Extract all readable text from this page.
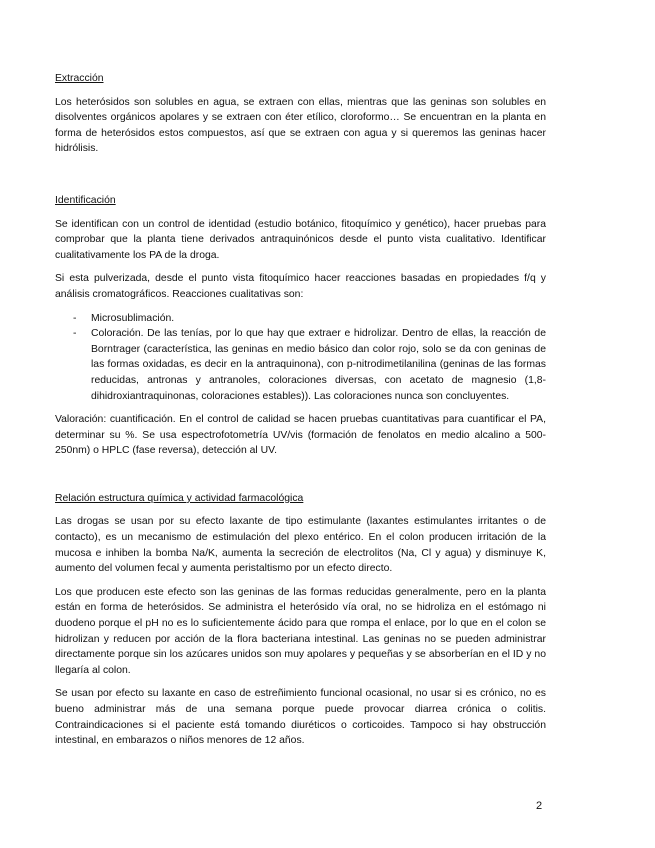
Extracción

Los heterósidos son solubles en agua, se extraen con ellas, mientras que las geninas son solubles en disolventes orgánicos apolares y se extraen con éter etílico, cloroformo… Se encuentran en la planta en forma de heterósidos estos compuestos, así que se extraen con agua y si queremos las geninas hacer hidrólisis.

Identificación

Se identifican con un control de identidad (estudio botánico, fitoquímico y genético), hacer pruebas para comprobar que la planta tiene derivados antraquinónicos desde el punto vista cualitativo. Identificar cualitativamente los PA de la droga.

Si esta pulverizada, desde el punto vista fitoquímico hacer reacciones basadas en propiedades f/q y análisis cromatográficos. Reacciones cualitativas son:

- Microsublimación.
- Coloración. De las tenías, por lo que hay que extraer e hidrolizar. Dentro de ellas, la reacción de Borntrager (característica, las geninas en medio básico dan color rojo, solo se da con geninas de las formas oxidadas, es decir en la antraquinona), con p-nitrodimetilanilina (geninas de las formas reducidas, antronas y antranoles, coloraciones diversas, con acetato de magnesio (1,8-dihidroxiantraquinonas, coloraciones estables)). Las coloraciones nunca son concluyentes.

Valoración: cuantificación. En el control de calidad se hacen pruebas cuantitativas para cuantificar el PA, determinar su %. Se usa espectrofotometría UV/vis (formación de fenolatos en medio alcalino a 500-250nm) o HPLC (fase reversa), detección al UV.

Relación estructura química y actividad farmacológica

Las drogas se usan por su efecto laxante de tipo estimulante (laxantes estimulantes irritantes o de contacto), es un mecanismo de estimulación del plexo entérico. En el colon producen irritación de la mucosa e inhiben la bomba Na/K, aumenta la secreción de electrolitos (Na, Cl y agua) y disminuye K, aumento del volumen fecal y aumenta peristaltismo por un efecto directo.

Los que producen este efecto son las geninas de las formas reducidas generalmente, pero en la planta están en forma de heterósidos. Se administra el heterósido vía oral, no se hidroliza en el estómago ni duodeno porque el pH no es lo suficientemente ácido para que rompa el enlace, por lo que en el colon se hidrolizan y reducen por acción de la flora bacteriana intestinal. Las geninas no se pueden administrar directamente porque sin los azúcares unidos son muy apolares y pequeñas y se absorberían en el ID y no llegaría al colon.

Se usan por efecto su laxante en caso de estreñimiento funcional ocasional, no usar si es crónico, no es bueno administrar más de una semana porque puede provocar diarrea crónica o colitis. Contraindicaciones si el paciente está tomando diuréticos o corticoides. Tampoco si hay obstrucción intestinal, en embarazos o niños menores de 12 años.

2
